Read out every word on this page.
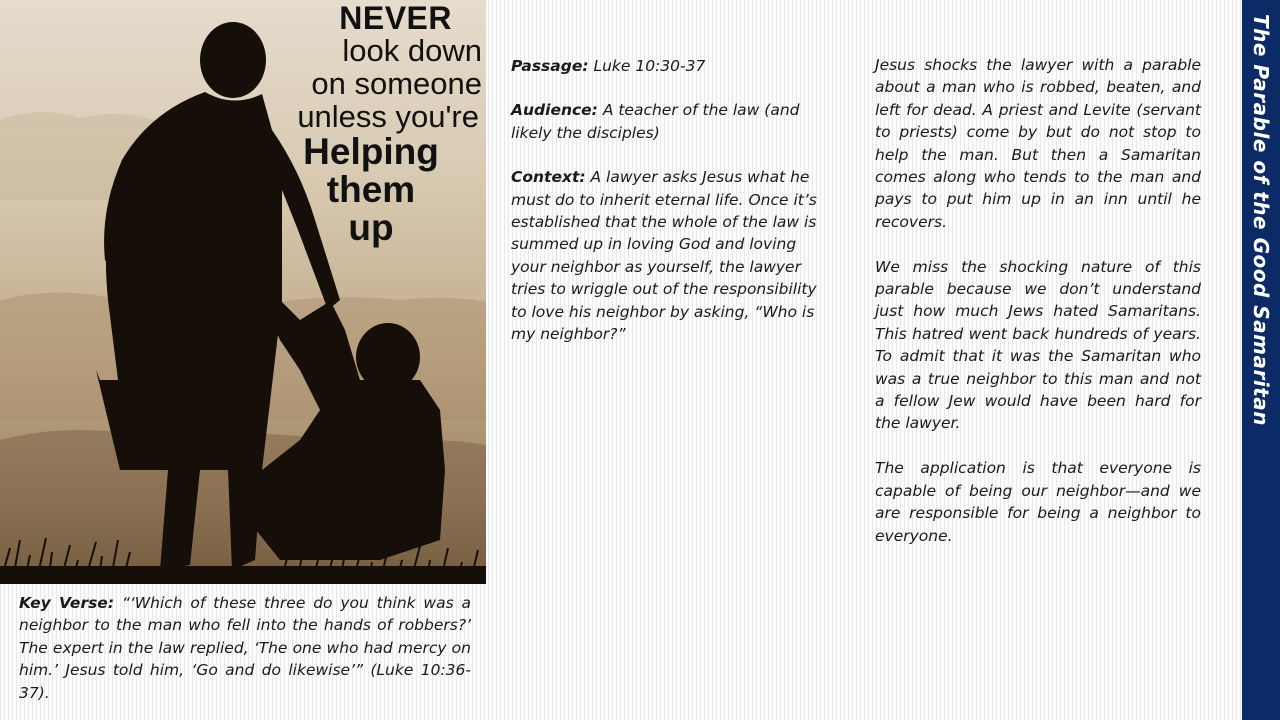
NEVER
look down
on someone
unless you're
Helping
them
up
Key Verse: “‘Which of these three do you think was a neighbor to the man who fell into the hands of robbers?’ The expert in the law replied, ‘The one who had mercy on him.’ Jesus told him, ‘Go and do likewise’” (Luke 10:36-37).

Passage: Luke 10:30-37

Audience: A teacher of the law (and likely the disciples)

Context: A lawyer asks Jesus what he must do to inherit eternal life. Once it’s established that the whole of the law is summed up in loving God and loving your neighbor as yourself, the lawyer tries to wriggle out of the responsibility to love his neighbor by asking, “Who is my neighbor?”

Jesus shocks the lawyer with a parable about a man who is robbed, beaten, and left for dead. A priest and Levite (servant to priests) come by but do not stop to help the man. But then a Samaritan comes along who tends to the man and pays to put him up in an inn until he recovers.

We miss the shocking nature of this parable because we don’t understand just how much Jews hated Samaritans. This hatred went back hundreds of years. To admit that it was the Samaritan who was a true neighbor to this man and not a fellow Jew would have been hard for the lawyer.

The application is that everyone is capable of being our neighbor—and we are responsible for being a neighbor to everyone.

The Parable of the Good Samaritan
